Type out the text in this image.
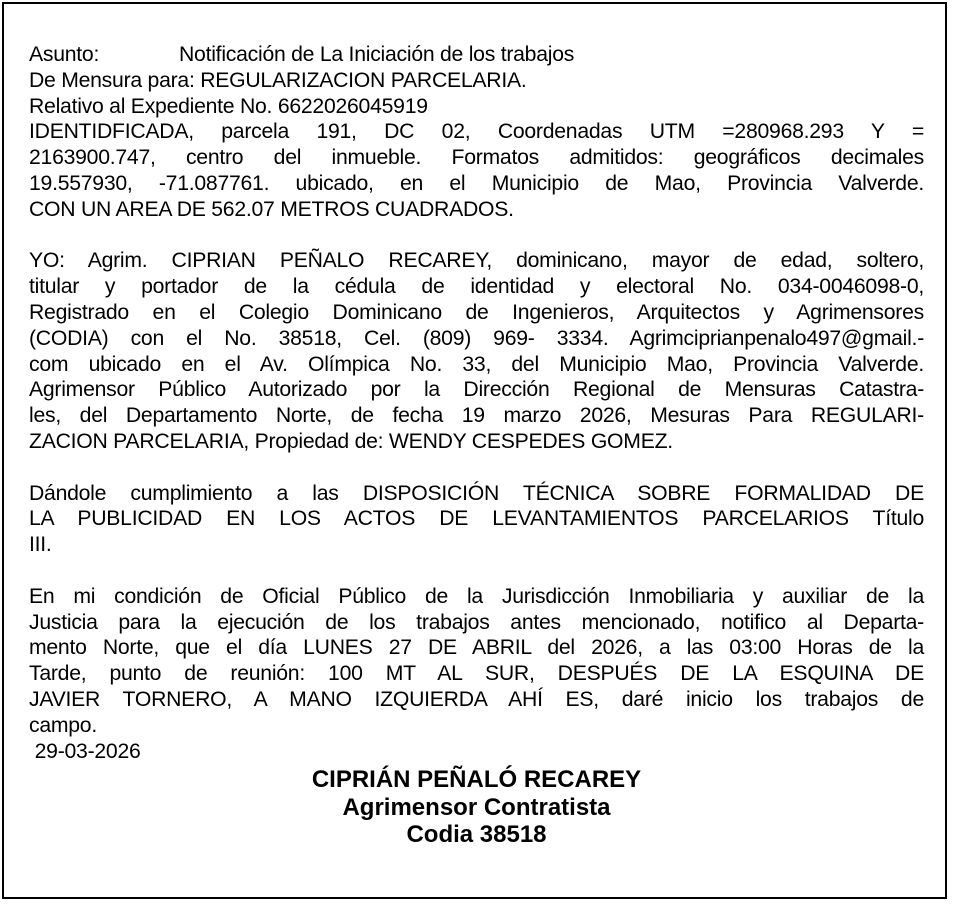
Asunto:	Notificación de La Iniciación de los trabajos
De Mensura para: REGULARIZACION PARCELARIA.
Relativo al Expediente No. 6622026045919
IDENTIDFICADA, parcela 191, DC 02, Coordenadas UTM =280968.293 Y =
2163900.747, centro del inmueble. Formatos admitidos: geográficos decimales
19.557930, -71.087761. ubicado, en el Municipio de Mao, Provincia Valverde.
CON UN AREA DE 562.07 METROS CUADRADOS.
YO: Agrim. CIPRIAN PEÑALO RECAREY, dominicano, mayor de edad, soltero,
titular y portador de la cédula de identidad y electoral No. 034-0046098-0,
Registrado en el Colegio Dominicano de Ingenieros, Arquitectos y Agrimensores
(CODIA) con el No. 38518, Cel. (809) 969- 3334. Agrimciprianpenalo497@gmail.-
com ubicado en el Av. Olímpica No. 33, del Municipio Mao, Provincia Valverde.
Agrimensor Público Autorizado por la Dirección Regional de Mensuras Catastra-
les, del Departamento Norte, de fecha 19 marzo 2026, Mesuras Para REGULARI-
ZACION PARCELARIA, Propiedad de: WENDY CESPEDES GOMEZ.
Dándole cumplimiento a las DISPOSICIÓN TÉCNICA SOBRE FORMALIDAD DE
LA PUBLICIDAD EN LOS ACTOS DE LEVANTAMIENTOS PARCELARIOS Título
III.
En mi condición de Oficial Público de la Jurisdicción Inmobiliaria y auxiliar de la
Justicia para la ejecución de los trabajos antes mencionado, notifico al Departa-
mento Norte, que el día LUNES 27 DE ABRIL del 2026, a las 03:00 Horas de la
Tarde, punto de reunión: 100 MT AL SUR, DESPUÉS DE LA ESQUINA DE
JAVIER TORNERO, A MANO IZQUIERDA AHÍ ES, daré inicio los trabajos de
campo.
29-03-2026
CIPRIÁN PEÑALÓ RECAREY
Agrimensor Contratista
Codia 38518
